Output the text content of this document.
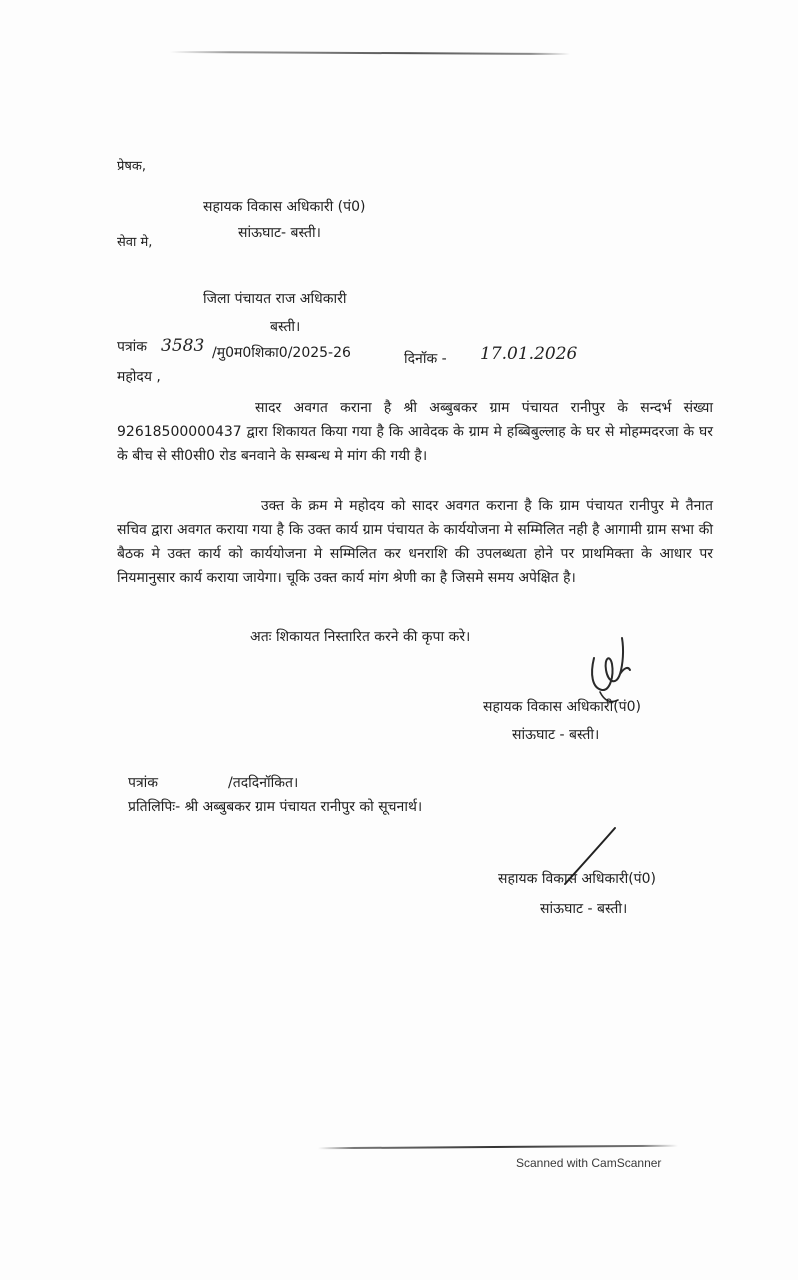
प्रेषक,
सहायक विकास अधिकारी (पं0)
सांऊघाट- बस्ती।
सेवा मे,
जिला पंचायत राज अधिकारी
बस्ती।
पत्रांक 3583 /मु0म0शिका0/2025-26	दिनॉक - 17.01.2026
महोदय ,
सादर अवगत कराना है श्री अब्बुबकर ग्राम पंचायत रानीपुर के सन्दर्भ संख्या 92618500000437 द्वारा शिकायत किया गया है कि आवेदक के ग्राम मे हब्बिबुल्लाह के घर से मोहम्मदरजा के घर के बीच से सी0सी0 रोड बनवाने के सम्बन्ध मे मांग की गयी है।
उक्त के क्रम मे महोदय को सादर अवगत कराना है कि ग्राम पंचायत रानीपुर मे तैनात सचिव द्वारा अवगत कराया गया है कि उक्त कार्य ग्राम पंचायत के कार्ययोजना मे सम्मिलित नही है आगामी ग्राम सभा की बैठक मे उक्त कार्य को कार्ययोजना मे सम्मिलित कर धनराशि की उपलब्धता होने पर प्राथमिक्ता के आधार पर नियमानुसार कार्य कराया जायेगा। चूकि उक्त कार्य मांग श्रेणी का है जिसमे समय अपेक्षित है।
अतः शिकायत निस्तारित करने की कृपा करे।
सहायक विकास अधिकारी(पं0)
सांऊघाट - बस्ती।
पत्रांक	/तददिनॉकित।
प्रतिलिपिः- श्री अब्बुबकर ग्राम पंचायत रानीपुर को सूचनार्थ।
सहायक विकास अधिकारी(पं0)
सांऊघाट - बस्ती।
Scanned with CamScanner
